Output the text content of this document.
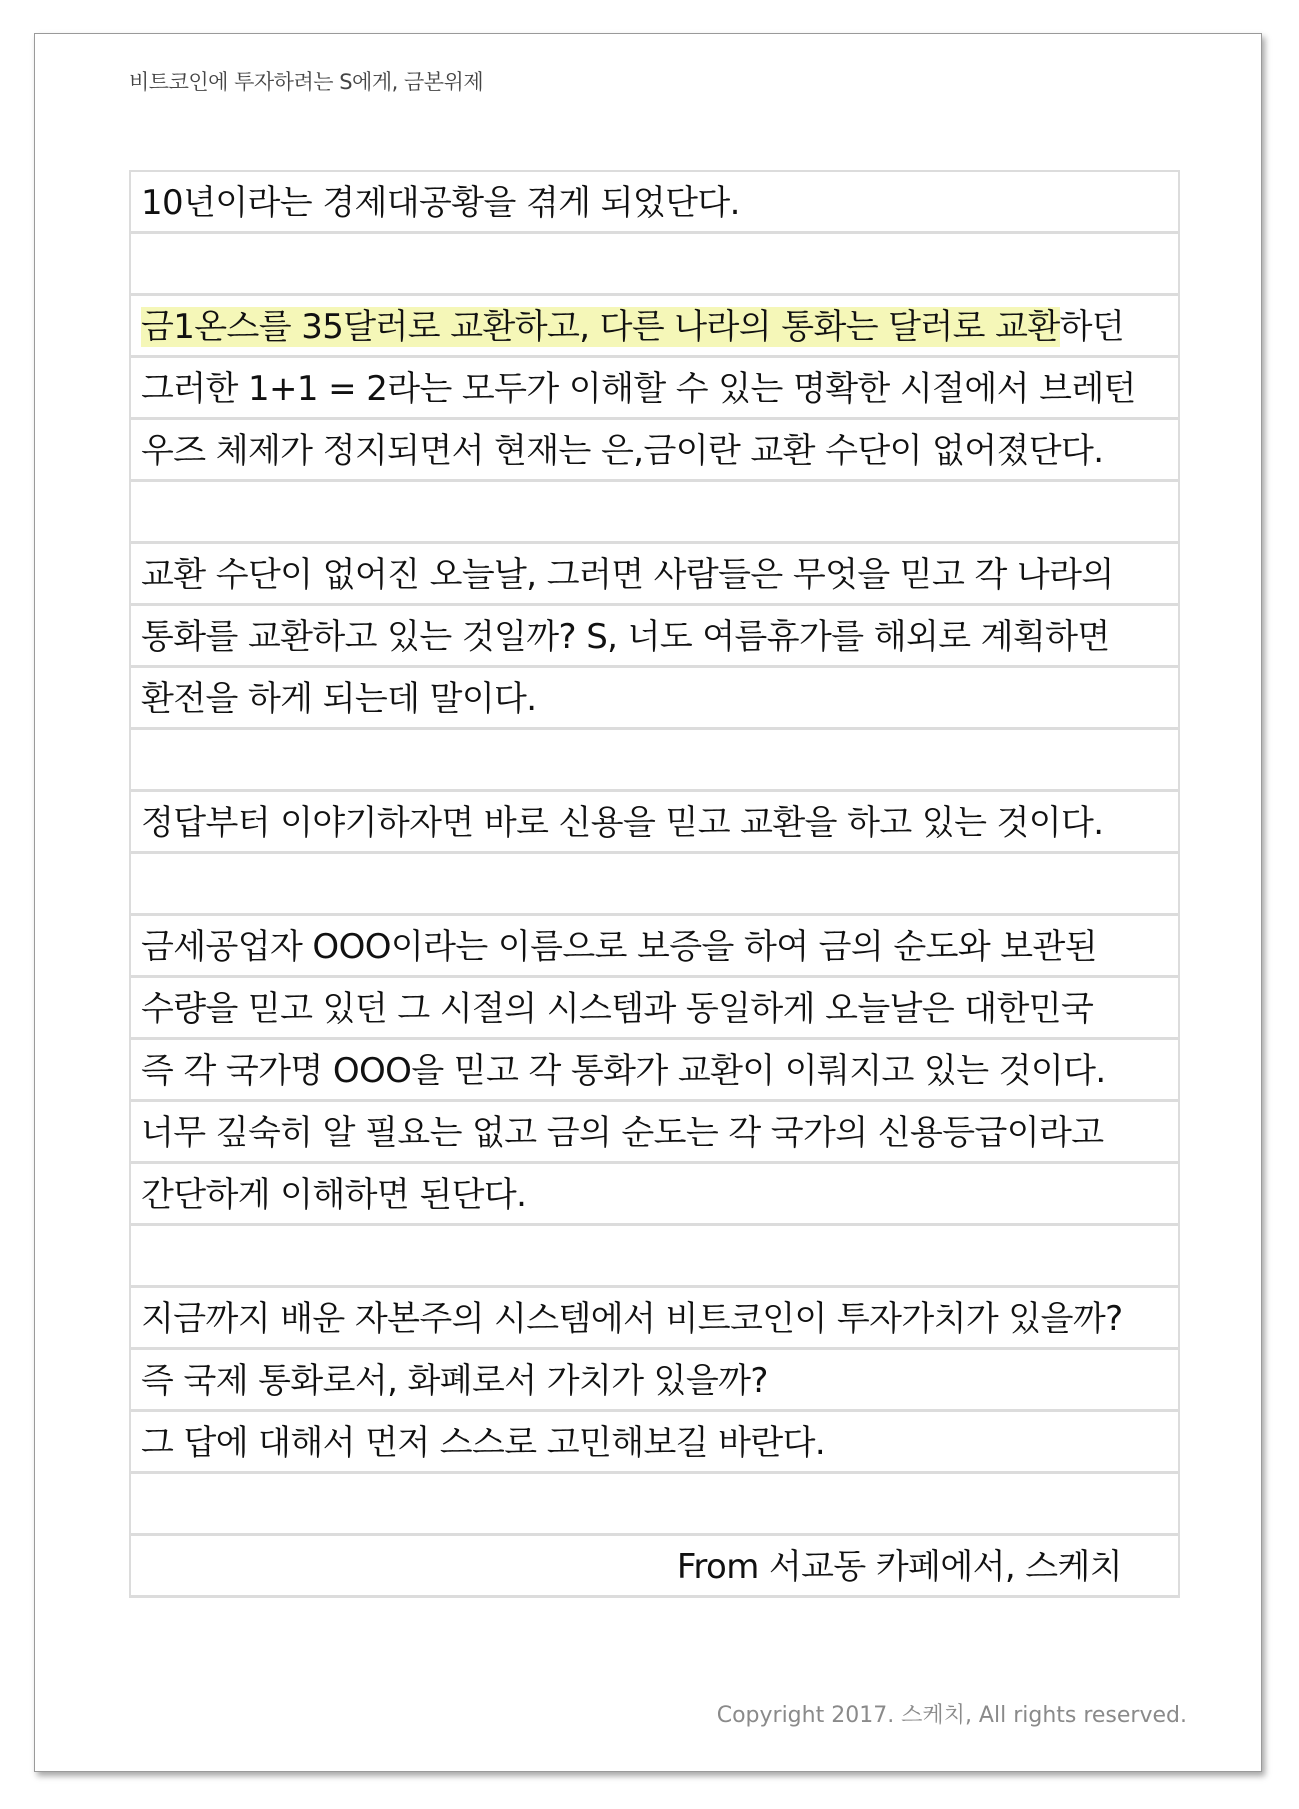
비트코인에 투자하려는 S에게, 금본위제
10년이라는 경제대공황을 겪게 되었단다.
금1온스를 35달러로 교환하고, 다른 나라의 통화는 달러로 교환하던
그러한 1+1 = 2라는 모두가 이해할 수 있는 명확한 시절에서 브레턴
우즈 체제가 정지되면서 현재는 은,금이란 교환 수단이 없어졌단다.
교환 수단이 없어진 오늘날, 그러면 사람들은 무엇을 믿고 각 나라의
통화를 교환하고 있는 것일까? S, 너도 여름휴가를 해외로 계획하면
환전을 하게 되는데 말이다.
정답부터 이야기하자면 바로 신용을 믿고 교환을 하고 있는 것이다.
금세공업자 OOO이라는 이름으로 보증을 하여 금의 순도와 보관된
수량을 믿고 있던 그 시절의 시스템과 동일하게 오늘날은 대한민국
즉 각 국가명 OOO을 믿고 각 통화가 교환이 이뤄지고 있는 것이다.
너무 깊숙히 알 필요는 없고 금의 순도는 각 국가의 신용등급이라고
간단하게 이해하면 된단다.
지금까지 배운 자본주의 시스템에서 비트코인이 투자가치가 있을까?
즉 국제 통화로서, 화폐로서 가치가 있을까?
그 답에 대해서 먼저 스스로 고민해보길 바란다.
From 서교동 카페에서, 스케치
Copyright 2017. 스케치, All rights reserved.
